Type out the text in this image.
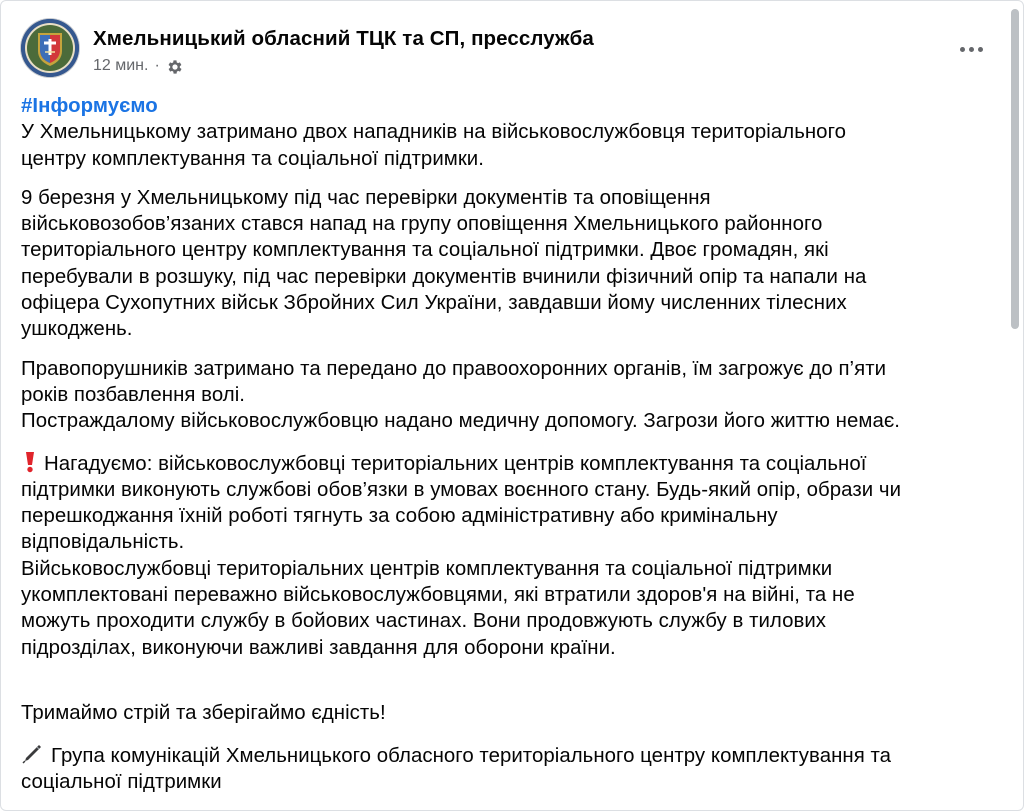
Хмельницький обласний ТЦК та СП, пресслужба
12 мин. ·

#Інформуємо
У Хмельницькому затримано двох нападників на військовослужбовця територіального
центру комплектування та соціальної підтримки.

9 березня у Хмельницькому під час перевірки документів та оповіщення
військовозобов’язаних стався напад на групу оповіщення Хмельницького районного
територіального центру комплектування та соціальної підтримки. Двоє громадян, які
перебували в розшуку, під час перевірки документів вчинили фізичний опір та напали на
офіцера Сухопутних військ Збройних Сил України, завдавши йому численних тілесних
ушкоджень.

Правопорушників затримано та передано до правоохоронних органів, їм загрожує до п’яти
років позбавлення волі.
Постраждалому військовослужбовцю надано медичну допомогу. Загрози його життю немає.

Нагадуємо: військовослужбовці територіальних центрів комплектування та соціальної
підтримки виконують службові обов’язки в умовах воєнного стану. Будь-який опір, образи чи
перешкоджання їхній роботі тягнуть за собою адміністративну або кримінальну
відповідальність.
Військовослужбовці територіальних центрів комплектування та соціальної підтримки
укомплектовані переважно військовослужбовцями, які втратили здоров'я на війні, та не
можуть проходити службу в бойових частинах. Вони продовжують службу в тилових
підрозділах, виконуючи важливі завдання для оборони країни.

Тримаймо стрій та зберігаймо єдність!

Група комунікацій Хмельницького обласного територіального центру комплектування та
соціальної підтримки
